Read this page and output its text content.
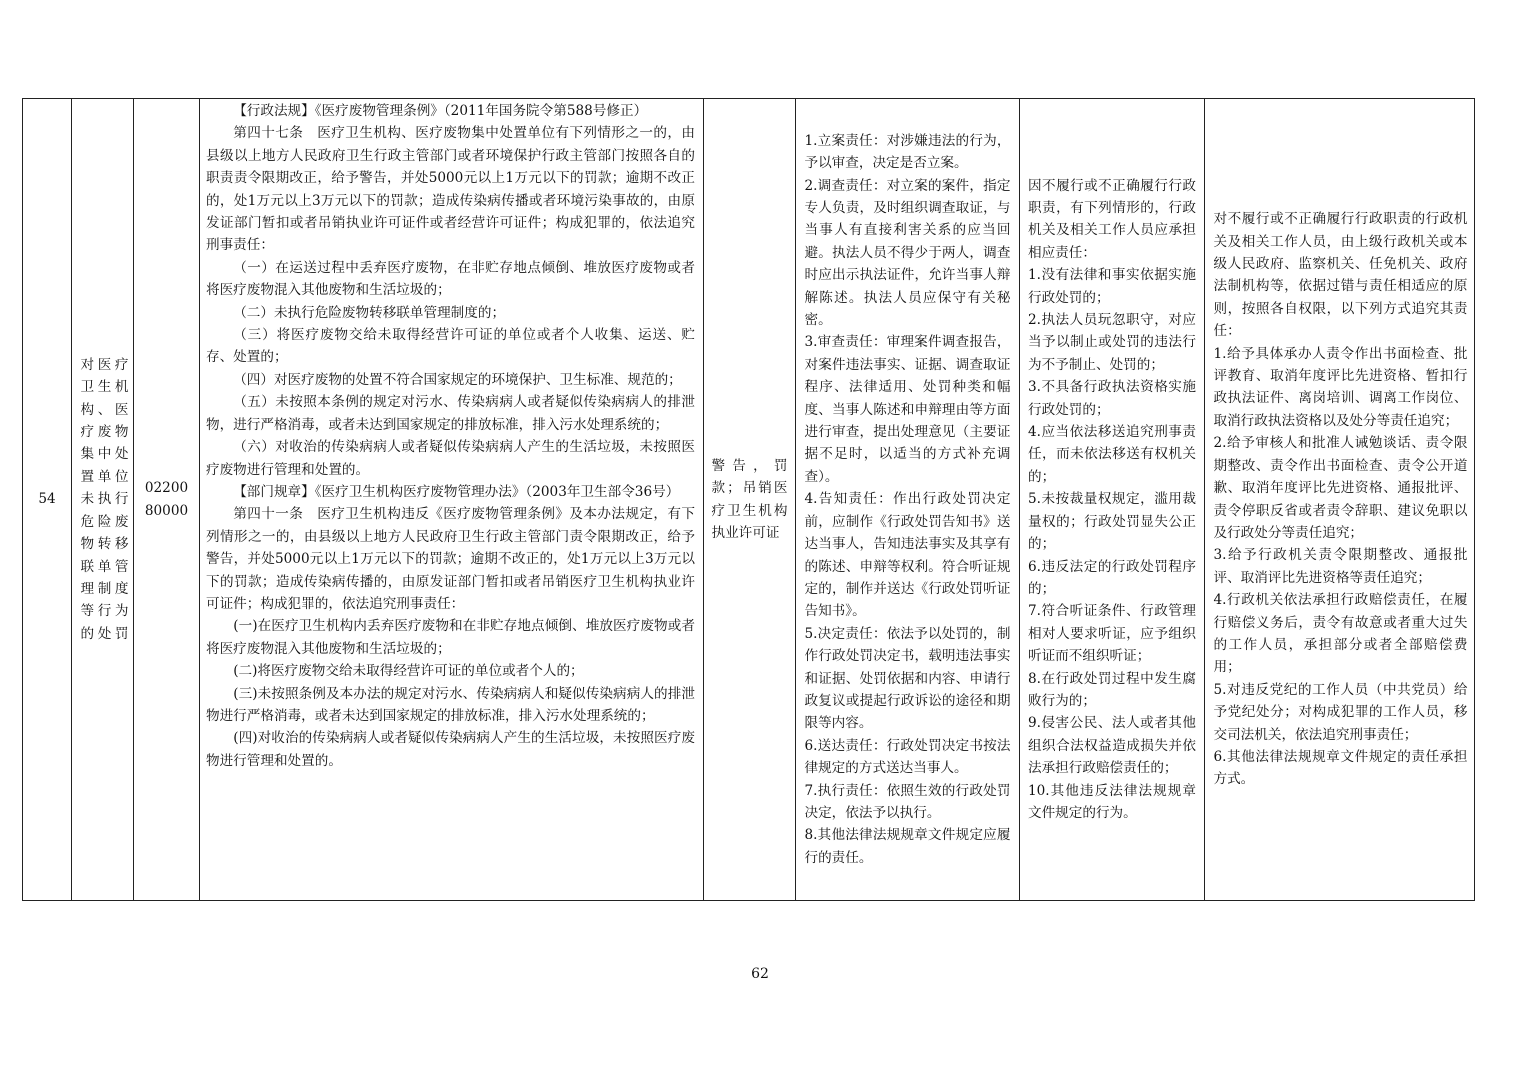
54
对医疗卫生机构、医疗废物集中处置单位未执行危险废物转移联单管理制度等行为的处罚
02200
80000

【行政法规】《医疗废物管理条例》（2011年国务院令第588号修正）

第四十七条　医疗卫生机构、医疗废物集中处置单位有下列情形之一的，由县级以上地方人民政府卫生行政主管部门或者环境保护行政主管部门按照各自的职责责令限期改正，给予警告，并处5000元以上1万元以下的罚款；逾期不改正的，处1万元以上3万元以下的罚款；造成传染病传播或者环境污染事故的，由原发证部门暂扣或者吊销执业许可证件或者经营许可证件；构成犯罪的，依法追究刑事责任：

（一）在运送过程中丢弃医疗废物，在非贮存地点倾倒、堆放医疗废物或者将医疗废物混入其他废物和生活垃圾的；

（二）未执行危险废物转移联单管理制度的；

（三）将医疗废物交给未取得经营许可证的单位或者个人收集、运送、贮存、处置的；

（四）对医疗废物的处置不符合国家规定的环境保护、卫生标准、规范的；

（五）未按照本条例的规定对污水、传染病病人或者疑似传染病病人的排泄物，进行严格消毒，或者未达到国家规定的排放标准，排入污水处理系统的；

（六）对收治的传染病病人或者疑似传染病病人产生的生活垃圾，未按照医疗废物进行管理和处置的。

【部门规章】《医疗卫生机构医疗废物管理办法》（2003年卫生部令36号）

第四十一条　医疗卫生机构违反《医疗废物管理条例》及本办法规定，有下列情形之一的，由县级以上地方人民政府卫生行政主管部门责令限期改正，给予警告，并处5000元以上1万元以下的罚款；逾期不改正的，处1万元以上3万元以下的罚款；造成传染病传播的，由原发证部门暂扣或者吊销医疗卫生机构执业许可证件；构成犯罪的，依法追究刑事责任：

(一)在医疗卫生机构内丢弃医疗废物和在非贮存地点倾倒、堆放医疗废物或者将医疗废物混入其他废物和生活垃圾的；

(二)将医疗废物交给未取得经营许可证的单位或者个人的；

(三)未按照条例及本办法的规定对污水、传染病病人和疑似传染病病人的排泄物进行严格消毒，或者未达到国家规定的排放标准，排入污水处理系统的；

(四)对收治的传染病病人或者疑似传染病病人产生的生活垃圾，未按照医疗废物进行管理和处置的。

警告，罚款；吊销医疗卫生机构执业许可证

1.立案责任：对涉嫌违法的行为，予以审查，决定是否立案。

2.调查责任：对立案的案件，指定专人负责，及时组织调查取证，与当事人有直接利害关系的应当回避。执法人员不得少于两人，调查时应出示执法证件，允许当事人辩解陈述。执法人员应保守有关秘密。

3.审查责任：审理案件调查报告，对案件违法事实、证据、调查取证程序、法律适用、处罚种类和幅度、当事人陈述和申辩理由等方面进行审查，提出处理意见（主要证据不足时，以适当的方式补充调查）。

4.告知责任：作出行政处罚决定前，应制作《行政处罚告知书》送达当事人，告知违法事实及其享有的陈述、申辩等权利。符合听证规定的，制作并送达《行政处罚听证告知书》。

5.决定责任：依法予以处罚的，制作行政处罚决定书，载明违法事实和证据、处罚依据和内容、申请行政复议或提起行政诉讼的途径和期限等内容。

6.送达责任：行政处罚决定书按法律规定的方式送达当事人。

7.执行责任：依照生效的行政处罚决定，依法予以执行。

8.其他法律法规规章文件规定应履行的责任。

因不履行或不正确履行行政职责，有下列情形的，行政机关及相关工作人员应承担相应责任：

1.没有法律和事实依据实施行政处罚的；

2.执法人员玩忽职守，对应当予以制止或处罚的违法行为不予制止、处罚的；

3.不具备行政执法资格实施行政处罚的；

4.应当依法移送追究刑事责任，而未依法移送有权机关的；

5.未按裁量权规定，滥用裁量权的；行政处罚显失公正的；

6.违反法定的行政处罚程序的；

7.符合听证条件、行政管理相对人要求听证，应予组织听证而不组织听证；

8.在行政处罚过程中发生腐败行为的；

9.侵害公民、法人或者其他组织合法权益造成损失并依法承担行政赔偿责任的；

10.其他违反法律法规规章文件规定的行为。

对不履行或不正确履行行政职责的行政机关及相关工作人员，由上级行政机关或本级人民政府、监察机关、任免机关、政府法制机构等，依据过错与责任相适应的原则，按照各自权限，以下列方式追究其责任：

1.给予具体承办人责令作出书面检查、批评教育、取消年度评比先进资格、暂扣行政执法证件、离岗培训、调离工作岗位、取消行政执法资格以及处分等责任追究；

2.给予审核人和批准人诫勉谈话、责令限期整改、责令作出书面检查、责令公开道歉、取消年度评比先进资格、通报批评、责令停职反省或者责令辞职、建议免职以及行政处分等责任追究；

3.给予行政机关责令限期整改、通报批评、取消评比先进资格等责任追究；

4.行政机关依法承担行政赔偿责任，在履行赔偿义务后，责令有故意或者重大过失的工作人员，承担部分或者全部赔偿费用；

5.对违反党纪的工作人员（中共党员）给予党纪处分；对构成犯罪的工作人员，移交司法机关，依法追究刑事责任；

6.其他法律法规规章文件规定的责任承担方式。

62
